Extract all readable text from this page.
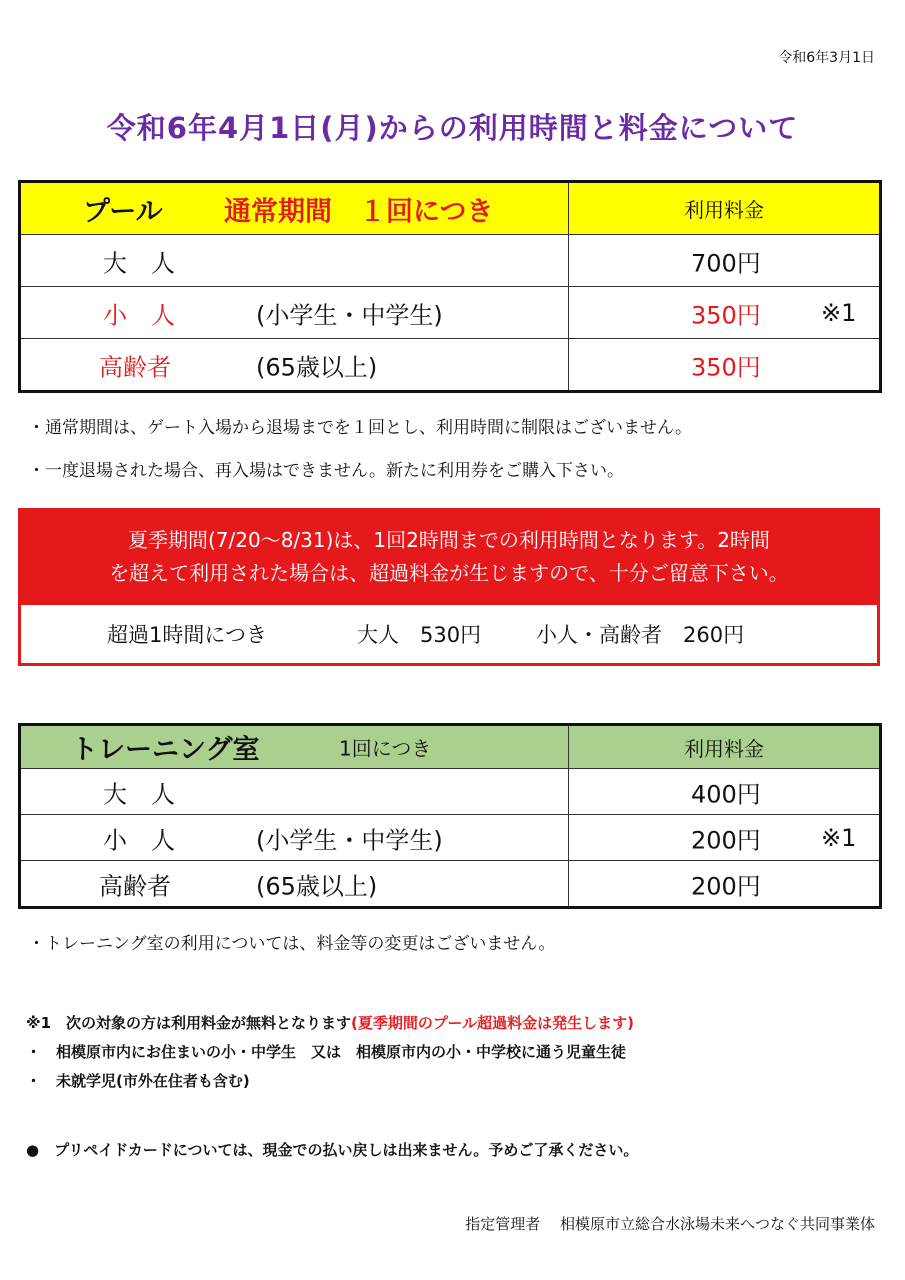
令和6年3月1日
令和6年4月1日(月)からの利用時間と料金について
プール 通常期間　１回につき	利用料金

大　人	700円

小　人 (小学生・中学生)	350円 ※1

高齢者 (65歳以上)	350円
・通常期間は、ゲート入場から退場までを１回とし、利用時間に制限はございません。
・一度退場された場合、再入場はできません。新たに利用券をご購入下さい。
夏季期間(7/20～8/31)は、1回2時間までの利用時間となります。2時間
を超えて利用された場合は、超過料金が生じますので、十分ご留意下さい。
超過1時間につき	大人　530円	小人・高齢者　260円
トレーニング室 1回につき	利用料金

大　人	400円

小　人 (小学生・中学生)	200円 ※1

高齢者 (65歳以上)	200円
・トレーニング室の利用については、料金等の変更はございません。
※1　次の対象の方は利用料金が無料となります(夏季期間のプール超過料金は発生します)
・　相模原市内にお住まいの小・中学生　又は　相模原市内の小・中学校に通う児童生徒
・　未就学児(市外在住者も含む)
●　プリペイドカードについては、現金での払い戻しは出来ません。予めご了承ください。
指定管理者　 相模原市立総合水泳場未来へつなぐ共同事業体
